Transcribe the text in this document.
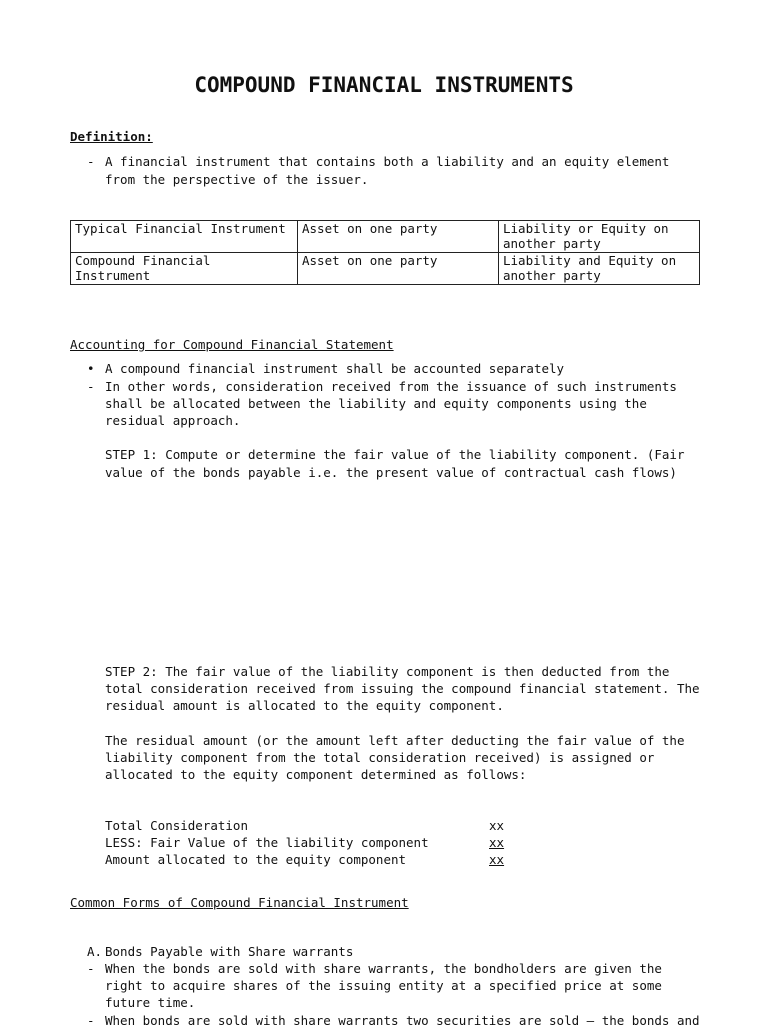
COMPOUND FINANCIAL INSTRUMENTS
Definition:
- A financial instrument that contains both a liability and an equity element
from the perspective of the issuer.
Typical Financial Instrument	Asset on one party	Liability or Equity on another party
Compound Financial Instrument	Asset on one party	Liability and Equity on another party
Accounting for Compound Financial Statement
• A compound financial instrument shall be accounted separately
- In other words, consideration received from the issuance of such instruments
shall be allocated between the liability and equity components using the
residual approach.
STEP 1: Compute or determine the fair value of the liability component. (Fair
value of the bonds payable i.e. the present value of contractual cash flows)
STEP 2: The fair value of the liability component is then deducted from the
total consideration received from issuing the compound financial statement. The
residual amount is allocated to the equity component.
The residual amount (or the amount left after deducting the fair value of the
liability component from the total consideration received) is assigned or
allocated to the equity component determined as follows:
Total Consideration	xx
LESS: Fair Value of the liability component	xx
Amount allocated to the equity component	xx
Common Forms of Compound Financial Instrument
A. Bonds Payable with Share warrants
- When the bonds are sold with share warrants, the bondholders are given the
right to acquire shares of the issuing entity at a specified price at some
future time.
- When bonds are sold with share warrants two securities are sold – the bonds and
